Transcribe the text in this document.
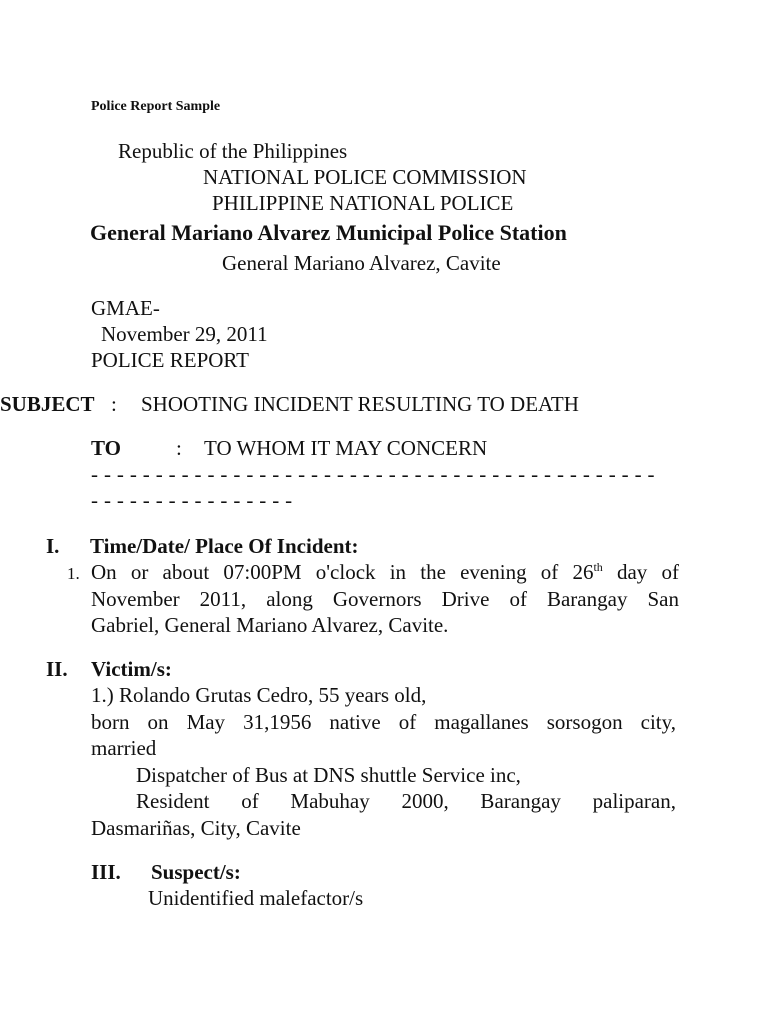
Police Report Sample
Republic of the Philippines
NATIONAL POLICE COMMISSION
PHILIPPINE NATIONAL POLICE
General Mariano Alvarez Municipal Police Station
General Mariano Alvarez, Cavite
GMAE-
November 29, 2011
POLICE REPORT
SUBJECT : SHOOTING INCIDENT RESULTING TO DEATH
TO	: TO WHOM IT MAY CONCERN
- - - - - - - - - - - - - - - - - - - - - - - - - - - - - - - - - - - - - - - - - - - -
- - - - - - - - - - - - - - - -
I. Time/Date/ Place Of Incident:
1. On or about 07:00PM o'clock in the evening of 26th day of
November 2011, along Governors Drive of Barangay San
Gabriel, General Mariano Alvarez, Cavite.
II. Victim/s:
1.) Rolando Grutas Cedro, 55 years old,
born on May 31,1956 native of magallanes sorsogon city,
married
Dispatcher of Bus at DNS shuttle Service inc,
Resident of Mabuhay 2000, Barangay paliparan,
Dasmariñas, City, Cavite
III. Suspect/s:
Unidentified malefactor/s
